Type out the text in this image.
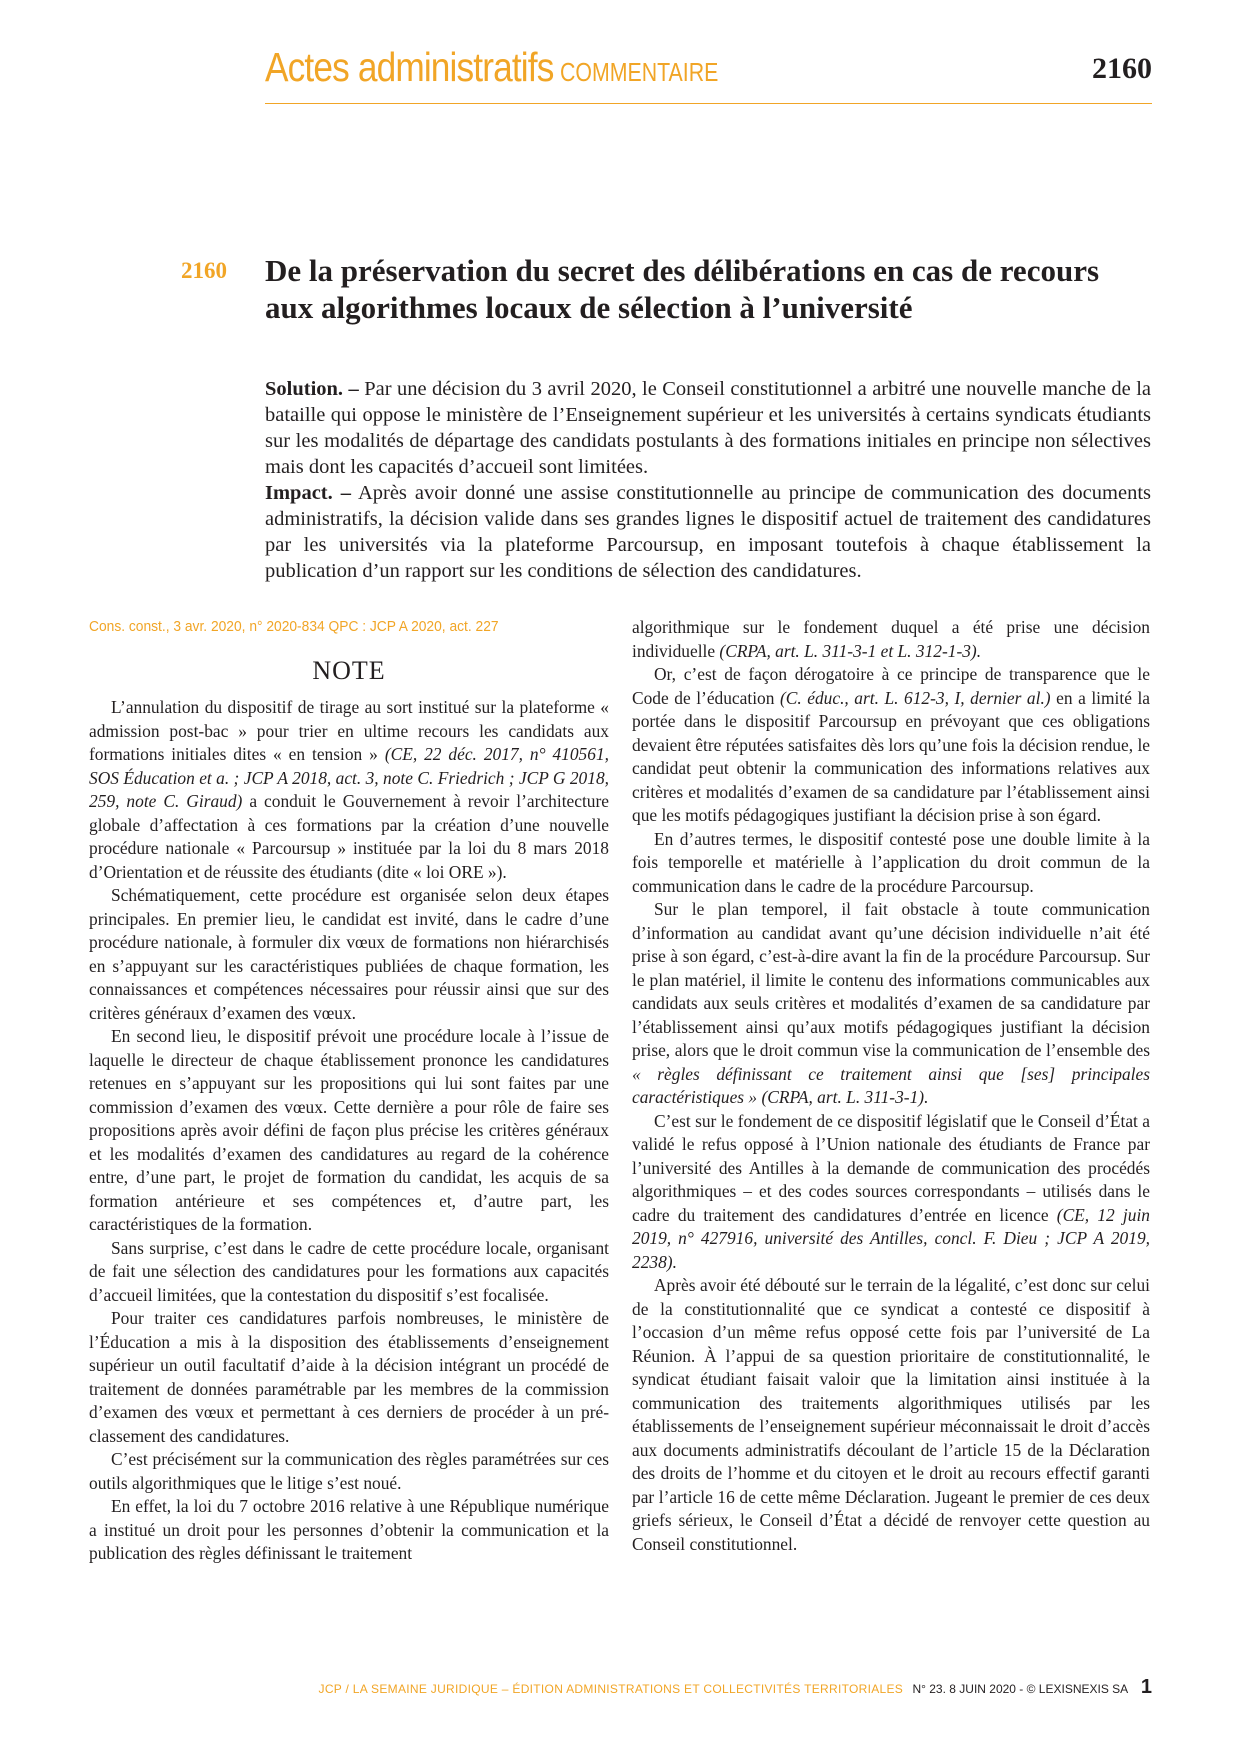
Actes administratifs COMMENTAIRE	2160
2160 De la préservation du secret des délibérations en cas de recours aux algorithmes locaux de sélection à l’université

Solution. – Par une décision du 3 avril 2020, le Conseil constitutionnel a arbitré une nouvelle manche de la bataille qui oppose le ministère de l’Enseignement supérieur et les universités à certains syndicats étudiants sur les modalités de départage des candidats postulants à des formations initiales en principe non sélectives mais dont les capacités d’accueil sont limitées.

Impact. – Après avoir donné une assise constitutionnelle au principe de communication des documents administratifs, la décision valide dans ses grandes lignes le dispositif actuel de traitement des candidatures par les universités via la plateforme Parcoursup, en imposant toutefois à chaque établissement la publication d’un rapport sur les conditions de sélection des candidatures.

Cons. const., 3 avr. 2020, n° 2020-834 QPC : JCP A 2020, act. 227

NOTE

L’annulation du dispositif de tirage au sort institué sur la plateforme « admission post-bac » pour trier en ultime recours les candidats aux formations initiales dites « en tension » (CE, 22 déc. 2017, n° 410561, SOS Éducation et a. ; JCP A 2018, act. 3, note C. Friedrich ; JCP G 2018, 259, note C. Giraud) a conduit le Gouvernement à revoir l’architecture globale d’affectation à ces formations par la création d’une nouvelle procédure nationale « Parcoursup » instituée par la loi du 8 mars 2018 d’Orientation et de réussite des étudiants (dite « loi ORE »).

Schématiquement, cette procédure est organisée selon deux étapes principales. En premier lieu, le candidat est invité, dans le cadre d’une procédure nationale, à formuler dix vœux de formations non hiérarchisés en s’appuyant sur les caractéristiques publiées de chaque formation, les connaissances et compétences nécessaires pour réussir ainsi que sur des critères généraux d’examen des vœux.

En second lieu, le dispositif prévoit une procédure locale à l’issue de laquelle le directeur de chaque établissement prononce les candidatures retenues en s’appuyant sur les propositions qui lui sont faites par une commission d’examen des vœux. Cette dernière a pour rôle de faire ses propositions après avoir défini de façon plus précise les critères généraux et les modalités d’examen des candidatures au regard de la cohérence entre, d’une part, le projet de formation du candidat, les acquis de sa formation antérieure et ses compétences et, d’autre part, les caractéristiques de la formation.

Sans surprise, c’est dans le cadre de cette procédure locale, organisant de fait une sélection des candidatures pour les formations aux capacités d’accueil limitées, que la contestation du dispositif s’est focalisée.

Pour traiter ces candidatures parfois nombreuses, le ministère de l’Éducation a mis à la disposition des établissements d’enseignement supérieur un outil facultatif d’aide à la décision intégrant un procédé de traitement de données paramétrable par les membres de la commission d’examen des vœux et permettant à ces derniers de procéder à un pré-classement des candidatures.

C’est précisément sur la communication des règles paramétrées sur ces outils algorithmiques que le litige s’est noué.

En effet, la loi du 7 octobre 2016 relative à une République numérique a institué un droit pour les personnes d’obtenir la communication et la publication des règles définissant le traitement

algorithmique sur le fondement duquel a été prise une décision individuelle (CRPA, art. L. 311-3-1 et L. 312-1-3).

Or, c’est de façon dérogatoire à ce principe de transparence que le Code de l’éducation (C. éduc., art. L. 612-3, I, dernier al.) en a limité la portée dans le dispositif Parcoursup en prévoyant que ces obligations devaient être réputées satisfaites dès lors qu’une fois la décision rendue, le candidat peut obtenir la communication des informations relatives aux critères et modalités d’examen de sa candidature par l’établissement ainsi que les motifs pédagogiques justifiant la décision prise à son égard.

En d’autres termes, le dispositif contesté pose une double limite à la fois temporelle et matérielle à l’application du droit commun de la communication dans le cadre de la procédure Parcoursup.

Sur le plan temporel, il fait obstacle à toute communication d’information au candidat avant qu’une décision individuelle n’ait été prise à son égard, c’est-à-dire avant la fin de la procédure Parcoursup. Sur le plan matériel, il limite le contenu des informations communicables aux candidats aux seuls critères et modalités d’examen de sa candidature par l’établissement ainsi qu’aux motifs pédagogiques justifiant la décision prise, alors que le droit commun vise la communication de l’ensemble des « règles définissant ce traitement ainsi que [ses] principales caractéristiques » (CRPA, art. L. 311-3-1).

C’est sur le fondement de ce dispositif législatif que le Conseil d’État a validé le refus opposé à l’Union nationale des étudiants de France par l’université des Antilles à la demande de communication des procédés algorithmiques – et des codes sources correspondants – utilisés dans le cadre du traitement des candidatures d’entrée en licence (CE, 12 juin 2019, n° 427916, université des Antilles, concl. F. Dieu ; JCP A 2019, 2238).

Après avoir été débouté sur le terrain de la légalité, c’est donc sur celui de la constitutionnalité que ce syndicat a contesté ce dispositif à l’occasion d’un même refus opposé cette fois par l’université de La Réunion. À l’appui de sa question prioritaire de constitutionnalité, le syndicat étudiant faisait valoir que la limitation ainsi instituée à la communication des traitements algorithmiques utilisés par les établissements de l’enseignement supérieur méconnaissait le droit d’accès aux documents administratifs découlant de l’article 15 de la Déclaration des droits de l’homme et du citoyen et le droit au recours effectif garanti par l’article 16 de cette même Déclaration. Jugeant le premier de ces deux griefs sérieux, le Conseil d’État a décidé de renvoyer cette question au Conseil constitutionnel.

JCP / LA SEMAINE JURIDIQUE – ÉDITION ADMINISTRATIONS ET COLLECTIVITÉS TERRITORIALES N° 23. 8 JUIN 2020 - © LEXISNEXIS SA 1
